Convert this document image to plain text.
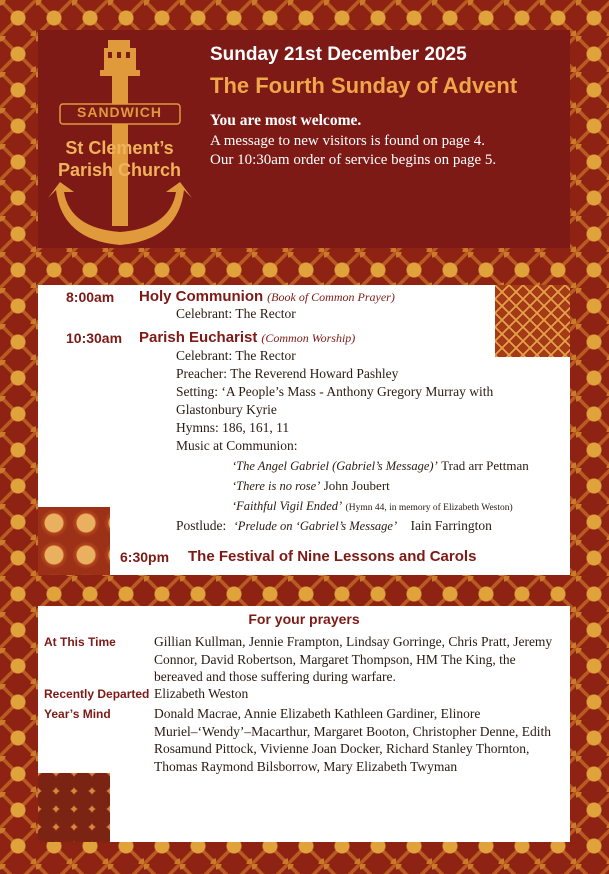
SANDWICH
St Clement’s
Parish Church
Sunday 21st December 2025
The Fourth Sunday of Advent
You are most welcome.
A message to new visitors is found on page 4.
Our 10:30am order of service begins on page 5.
8:00am Holy Communion (Book of Common Prayer)
Celebrant: The Rector
10:30am Parish Eucharist (Common Worship)
Celebrant: The Rector
Preacher: The Reverend Howard Pashley
Setting: ‘A People’s Mass - Anthony Gregory Murray with
Glastonbury Kyrie
Hymns: 186, 161, 11
Music at Communion:
‘The Angel Gabriel (Gabriel’s Message)’ Trad arr Pettman
‘There is no rose’ John Joubert
‘Faithful Vigil Ended’ (Hymn 44, in memory of Elizabeth Weston)
Postlude: ‘Prelude on ‘Gabriel’s Message’ Iain Farrington
6:30pm The Festival of Nine Lessons and Carols
For your prayers
At This Time	Gillian Kullman, Jennie Frampton, Lindsay Gorringe, Chris Pratt, Jeremy Connor, David Robertson, Margaret Thompson, HM The King, the bereaved and those suffering during warfare.
Recently Departed Elizabeth Weston
Year’s Mind	Donald Macrae, Annie Elizabeth Kathleen Gardiner, Elinore Muriel–‘Wendy’–Macarthur, Margaret Booton, Christopher Denne, Edith Rosamund Pittock, Vivienne Joan Docker, Richard Stanley Thornton, Thomas Raymond Bilsborrow, Mary Elizabeth Twyman
